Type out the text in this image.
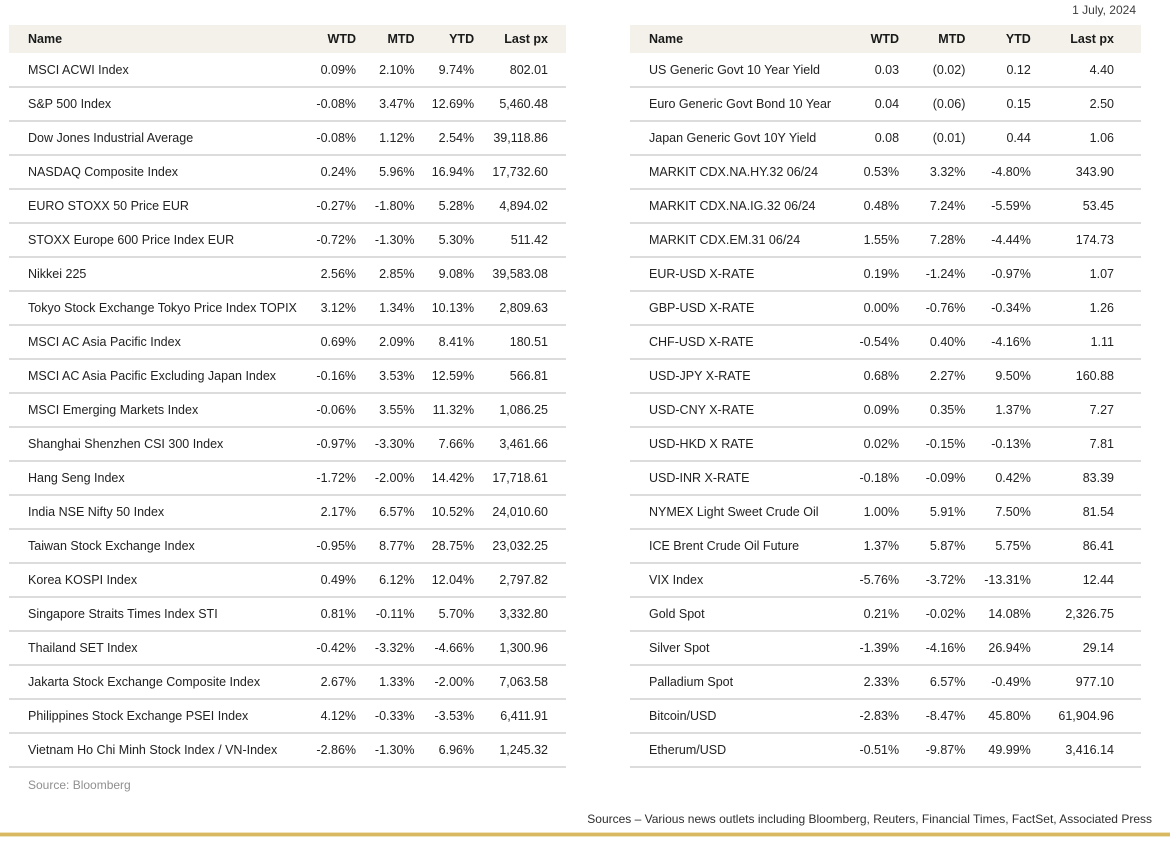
1 July, 2024
Name	WTD	MTD	YTD	Last px
MSCI ACWI Index	0.09%	2.10%	9.74%	802.01
S&P 500 Index	-0.08%	3.47%	12.69%	5,460.48
Dow Jones Industrial Average	-0.08%	1.12%	2.54%	39,118.86
NASDAQ Composite Index	0.24%	5.96%	16.94%	17,732.60
EURO STOXX 50 Price EUR	-0.27%	-1.80%	5.28%	4,894.02
STOXX Europe 600 Price Index EUR	-0.72%	-1.30%	5.30%	511.42
Nikkei 225	2.56%	2.85%	9.08%	39,583.08
Tokyo Stock Exchange Tokyo Price Index TOPIX	3.12%	1.34%	10.13%	2,809.63
MSCI AC Asia Pacific Index	0.69%	2.09%	8.41%	180.51
MSCI AC Asia Pacific Excluding Japan Index	-0.16%	3.53%	12.59%	566.81
MSCI Emerging Markets Index	-0.06%	3.55%	11.32%	1,086.25
Shanghai Shenzhen CSI 300 Index	-0.97%	-3.30%	7.66%	3,461.66
Hang Seng Index	-1.72%	-2.00%	14.42%	17,718.61
India NSE Nifty 50 Index	2.17%	6.57%	10.52%	24,010.60
Taiwan Stock Exchange Index	-0.95%	8.77%	28.75%	23,032.25
Korea KOSPI Index	0.49%	6.12%	12.04%	2,797.82
Singapore Straits Times Index STI	0.81%	-0.11%	5.70%	3,332.80
Thailand SET Index	-0.42%	-3.32%	-4.66%	1,300.96
Jakarta Stock Exchange Composite Index	2.67%	1.33%	-2.00%	7,063.58
Philippines Stock Exchange PSEI Index	4.12%	-0.33%	-3.53%	6,411.91
Vietnam Ho Chi Minh Stock Index / VN-Index	-2.86%	-1.30%	6.96%	1,245.32
Name	WTD	MTD	YTD	Last px
US Generic Govt 10 Year Yield	0.03	(0.02)	0.12	4.40
Euro Generic Govt Bond 10 Year	0.04	(0.06)	0.15	2.50
Japan Generic Govt 10Y Yield	0.08	(0.01)	0.44	1.06
MARKIT CDX.NA.HY.32 06/24	0.53%	3.32%	-4.80%	343.90
MARKIT CDX.NA.IG.32 06/24	0.48%	7.24%	-5.59%	53.45
MARKIT CDX.EM.31 06/24	1.55%	7.28%	-4.44%	174.73
EUR-USD X-RATE	0.19%	-1.24%	-0.97%	1.07
GBP-USD X-RATE	0.00%	-0.76%	-0.34%	1.26
CHF-USD X-RATE	-0.54%	0.40%	-4.16%	1.11
USD-JPY X-RATE	0.68%	2.27%	9.50%	160.88
USD-CNY X-RATE	0.09%	0.35%	1.37%	7.27
USD-HKD X RATE	0.02%	-0.15%	-0.13%	7.81
USD-INR X-RATE	-0.18%	-0.09%	0.42%	83.39
NYMEX Light Sweet Crude Oil	1.00%	5.91%	7.50%	81.54
ICE Brent Crude Oil Future	1.37%	5.87%	5.75%	86.41
VIX Index	-5.76%	-3.72%	-13.31%	12.44
Gold Spot	0.21%	-0.02%	14.08%	2,326.75
Silver Spot	-1.39%	-4.16%	26.94%	29.14
Palladium Spot	2.33%	6.57%	-0.49%	977.10
Bitcoin/USD	-2.83%	-8.47%	45.80%	61,904.96
Etherum/USD	-0.51%	-9.87%	49.99%	3,416.14
Source: Bloomberg
Sources – Various news outlets including Bloomberg, Reuters, Financial Times, FactSet, Associated Press
